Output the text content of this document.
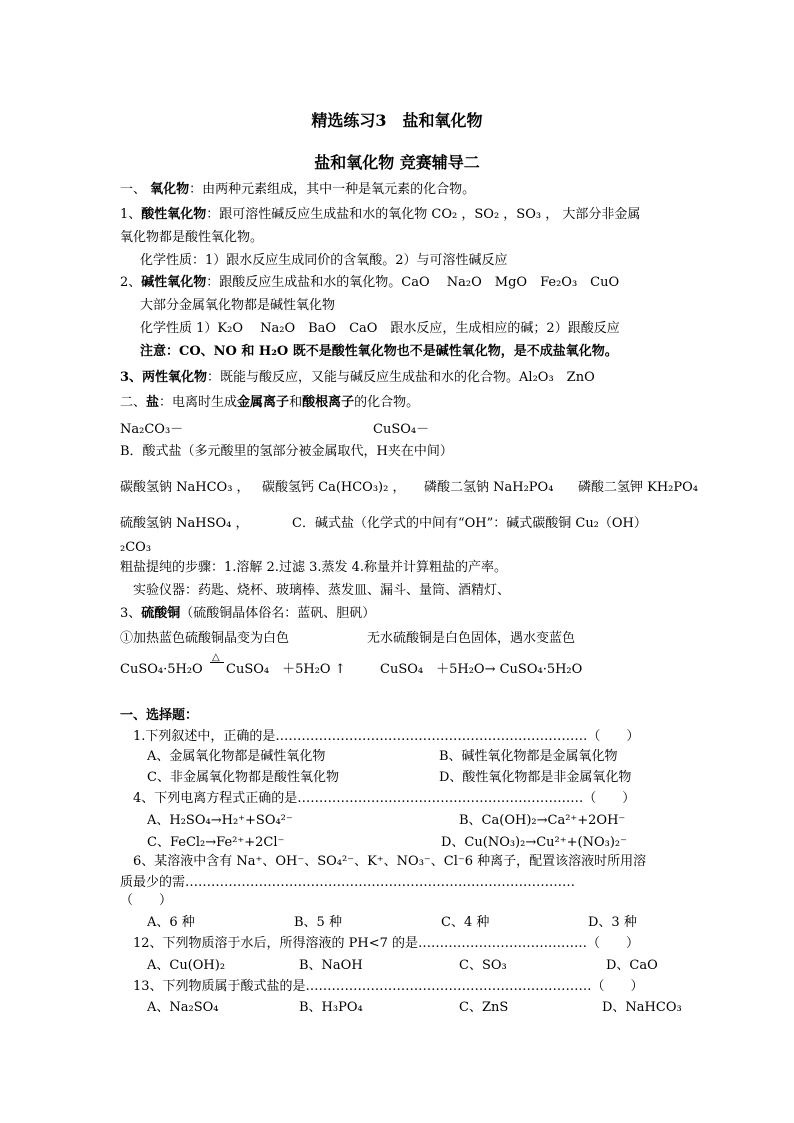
精选练习3　盐和氧化物
盐和氧化物 竞赛辅导二
一、 氧化物：由两种元素组成，其中一种是氧元素的化合物。
1、酸性氧化物：跟可溶性碱反应生成盐和水的氧化物 CO₂ ，SO₂ ，SO₃ ， 大部分非金属
氧化物都是酸性氧化物。
化学性质：1）跟水反应生成同价的含氧酸。2）与可溶性碱反应
2、碱性氧化物：跟酸反应生成盐和水的氧化物。CaO　 Na₂O　MgO　Fe₂O₃　CuO
大部分金属氧化物都是碱性氧化物
化学性质 1）K₂O　 Na₂O　BaO　CaO　跟水反应，生成相应的碱；2）跟酸反应
注意：CO、NO 和 H₂O 既不是酸性氧化物也不是碱性氧化物，是不成盐氧化物。
3、两性氧化物：既能与酸反应，又能与碱反应生成盐和水的化合物。Al₂O₃　ZnO
二、盐：电离时生成金属离子和酸根离子的化合物。
Na₂CO₃－	CuSO₄－
B．酸式盐（多元酸里的氢部分被金属取代，H夹在中间）
碳酸氢钠 NaHCO₃ ， 碳酸氢钙 Ca(HCO₃)₂ ， 磷酸二氢钠 NaH₂PO₄ 磷酸二氢钾 KH₂PO₄
硫酸氢钠 NaHSO₄ ，	C．碱式盐（化学式的中间有“OH”：碱式碳酸铜 Cu₂（OH）
₂CO₃
粗盐提纯的步骤：1.溶解 2.过滤 3.蒸发 4.称量并计算粗盐的产率。
实验仪器：药匙、烧杯、玻璃棒、蒸发皿、漏斗、量筒、酒精灯、
3、硫酸铜（硫酸铜晶体俗名：蓝矾、胆矾）
①加热蓝色硫酸铜晶变为白色	无水硫酸铜是白色固体，遇水变蓝色
CuSO₄·5H₂O
△
CuSO₄　＋5H₂O ↑	CuSO₄　＋5H₂O→ CuSO₄·5H₂O
一、选择题：
1.下列叙述中，正确的是………………………………………………………………（　　）
A、金属氧化物都是碱性氧化物	B、碱性氧化物都是金属氧化物
C、非金属氧化物都是酸性氧化物	D、酸性氧化物都是非金属氧化物
4、下列电离方程式正确的是…………………………………………………………（　　）
A、H₂SO₄→H₂⁺+SO₄²⁻	B、Ca(OH)₂→Ca²⁺+2OH⁻
C、FeCl₂→Fe²⁺+2Cl⁻	D、Cu(NO₃)₂→Cu²⁺+(NO₃)₂⁻
6、某溶液中含有 Na⁺、OH⁻、SO₄²⁻、K⁺、NO₃⁻、Cl⁻6 种离子，配置该溶液时所用溶
质最少的需………………………………………………………………………………
（　　）
A、6 种	B、5 种	C、4 种	D、3 种
12、下列物质溶于水后，所得溶液的 PH<7 的是…………………………………（　　）
A、Cu(OH)₂	B、NaOH	C、SO₃	D、CaO
13、下列物质属于酸式盐的是…………………………………………………………（　　）
A、Na₂SO₄	B、H₃PO₄	C、ZnS	D、NaHCO₃
